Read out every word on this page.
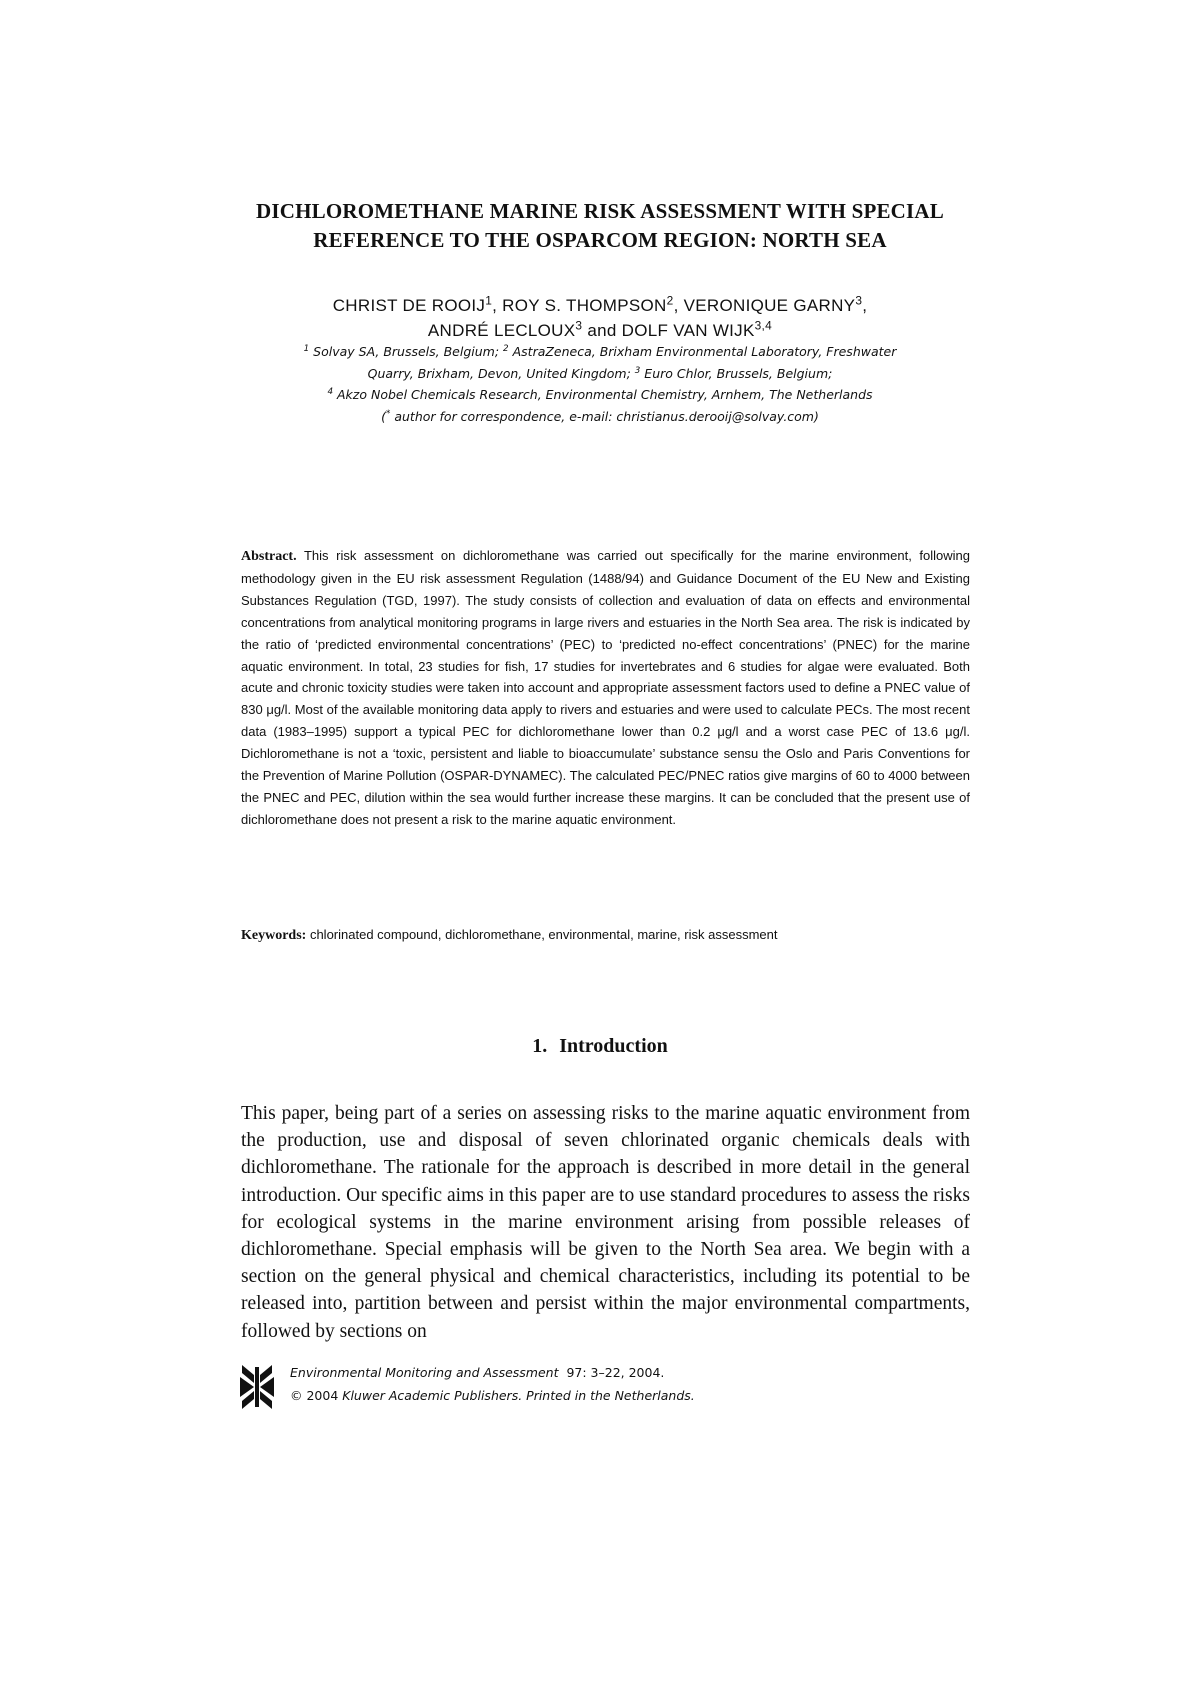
DICHLOROMETHANE MARINE RISK ASSESSMENT WITH SPECIAL
REFERENCE TO THE OSPARCOM REGION: NORTH SEA
CHRIST DE ROOIJ$^1$, ROY S. THOMPSON$^2$, VERONIQUE GARNY$^3$,
ANDRÉ LECLOUX$^3$ and DOLF VAN WIJK$^{3,4}$
$^1$ Solvay SA, Brussels, Belgium; $^2$ AstraZeneca, Brixham Environmental Laboratory, Freshwater
Quarry, Brixham, Devon, United Kingdom; $^3$ Euro Chlor, Brussels, Belgium;
$^4$ Akzo Nobel Chemicals Research, Environmental Chemistry, Arnhem, The Netherlands
(* author for correspondence, e-mail: christianus.derooij@solvay.com)
Abstract. This risk assessment on dichloromethane was carried out specifically for the marine environment, following methodology given in the EU risk assessment Regulation (1488/94) and Guidance Document of the EU New and Existing Substances Regulation (TGD, 1997). The study consists of collection and evaluation of data on effects and environmental concentrations from analytical monitoring programs in large rivers and estuaries in the North Sea area. The risk is indicated by the ratio of ‘predicted environmental concentrations’ (PEC) to ‘predicted no-effect concentrations’ (PNEC) for the marine aquatic environment. In total, 23 studies for fish, 17 studies for invertebrates and 6 studies for algae were evaluated. Both acute and chronic toxicity studies were taken into account and appropriate assessment factors used to define a PNEC value of 830 μg/l. Most of the available monitoring data apply to rivers and estuaries and were used to calculate PECs. The most recent data (1983–1995) support a typical PEC for dichloromethane lower than 0.2 μg/l and a worst case PEC of 13.6 μg/l. Dichloromethane is not a ‘toxic, persistent and liable to bioaccumulate’ substance sensu the Oslo and Paris Conventions for the Prevention of Marine Pollution (OSPAR-DYNAMEC). The calculated PEC/PNEC ratios give margins of 60 to 4000 between the PNEC and PEC, dilution within the sea would further increase these margins. It can be concluded that the present use of dichloromethane does not present a risk to the marine aquatic environment.
Keywords: chlorinated compound, dichloromethane, environmental, marine, risk assessment
1. Introduction
This paper, being part of a series on assessing risks to the marine aquatic environment from the production, use and disposal of seven chlorinated organic chemicals deals with dichloromethane. The rationale for the approach is described in more detail in the general introduction. Our specific aims in this paper are to use standard procedures to assess the risks for ecological systems in the marine environment arising from possible releases of dichloromethane. Special emphasis will be given to the North Sea area. We begin with a section on the general physical and chemical characteristics, including its potential to be released into, partition between and persist within the major environmental compartments, followed by sections on
Environmental Monitoring and Assessment 97: 3–22, 2004.
© 2004 Kluwer Academic Publishers. Printed in the Netherlands.
